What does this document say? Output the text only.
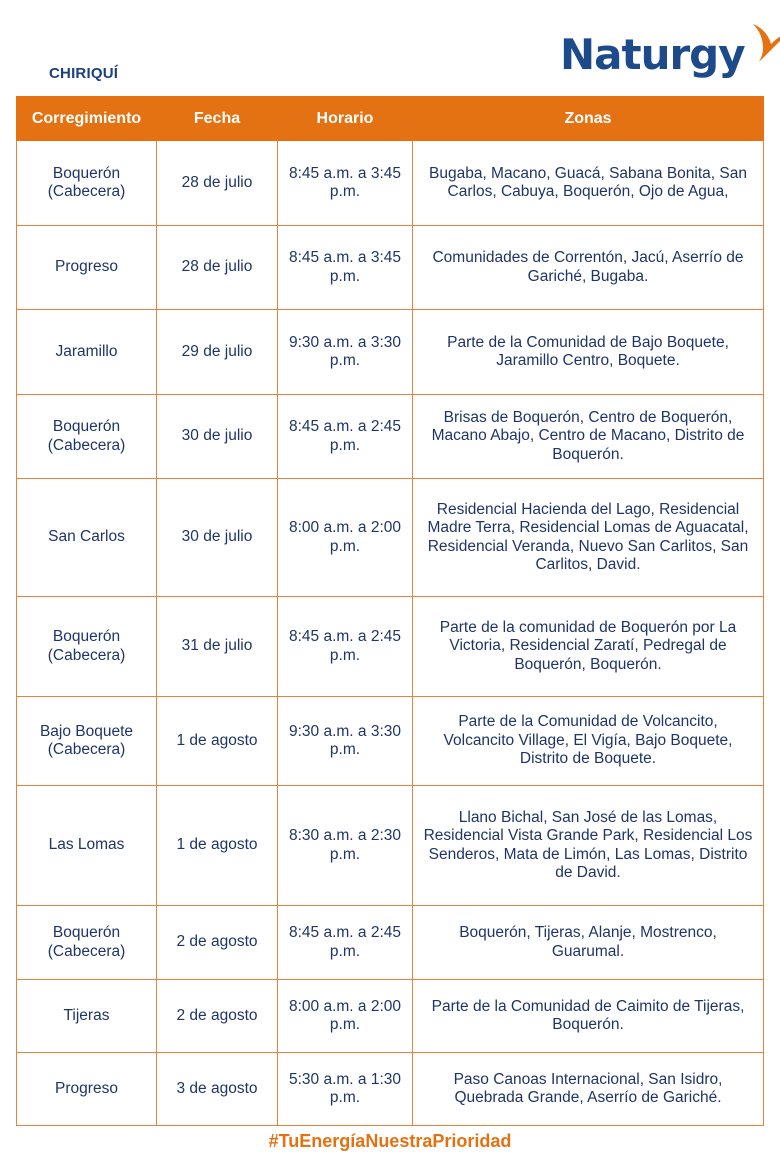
Naturgy
CHIRIQUÍ
Corregimiento	Fecha	Horario	Zonas
Boquerón (Cabecera)	28 de julio	8:45 a.m. a 3:45 p.m.	Bugaba, Macano, Guacá, Sabana Bonita, San Carlos, Cabuya, Boquerón, Ojo de Agua,
Progreso	28 de julio	8:45 a.m. a 3:45 p.m.	Comunidades de Correntón, Jacú, Aserrío de Gariché, Bugaba.
Jaramillo	29 de julio	9:30 a.m. a 3:30 p.m.	Parte de la Comunidad de Bajo Boquete, Jaramillo Centro, Boquete.
Boquerón (Cabecera)	30 de julio	8:45 a.m. a 2:45 p.m.	Brisas de Boquerón, Centro de Boquerón, Macano Abajo, Centro de Macano, Distrito de Boquerón.
San Carlos	30 de julio	8:00 a.m. a 2:00 p.m.	Residencial Hacienda del Lago, Residencial Madre Terra, Residencial Lomas de Aguacatal, Residencial Veranda, Nuevo San Carlitos, San Carlitos, David.
Boquerón (Cabecera)	31 de julio	8:45 a.m. a 2:45 p.m.	Parte de la comunidad de Boquerón por La Victoria, Residencial Zaratí, Pedregal de Boquerón, Boquerón.
Bajo Boquete (Cabecera)	1 de agosto	9:30 a.m. a 3:30 p.m.	Parte de la Comunidad de Volcancito, Volcancito Village, El Vigía, Bajo Boquete, Distrito de Boquete.
Las Lomas	1 de agosto	8:30 a.m. a 2:30 p.m.	Llano Bichal, San José de las Lomas, Residencial Vista Grande Park, Residencial Los Senderos, Mata de Limón, Las Lomas, Distrito de David.
Boquerón (Cabecera)	2 de agosto	8:45 a.m. a 2:45 p.m.	Boquerón, Tijeras, Alanje, Mostrenco, Guarumal.
Tijeras	2 de agosto	8:00 a.m. a 2:00 p.m.	Parte de la Comunidad de Caimito de Tijeras, Boquerón.
Progreso	3 de agosto	5:30 a.m. a 1:30 p.m.	Paso Canoas Internacional, San Isidro, Quebrada Grande, Aserrío de Gariché.
#TuEnergíaNuestraPrioridad
